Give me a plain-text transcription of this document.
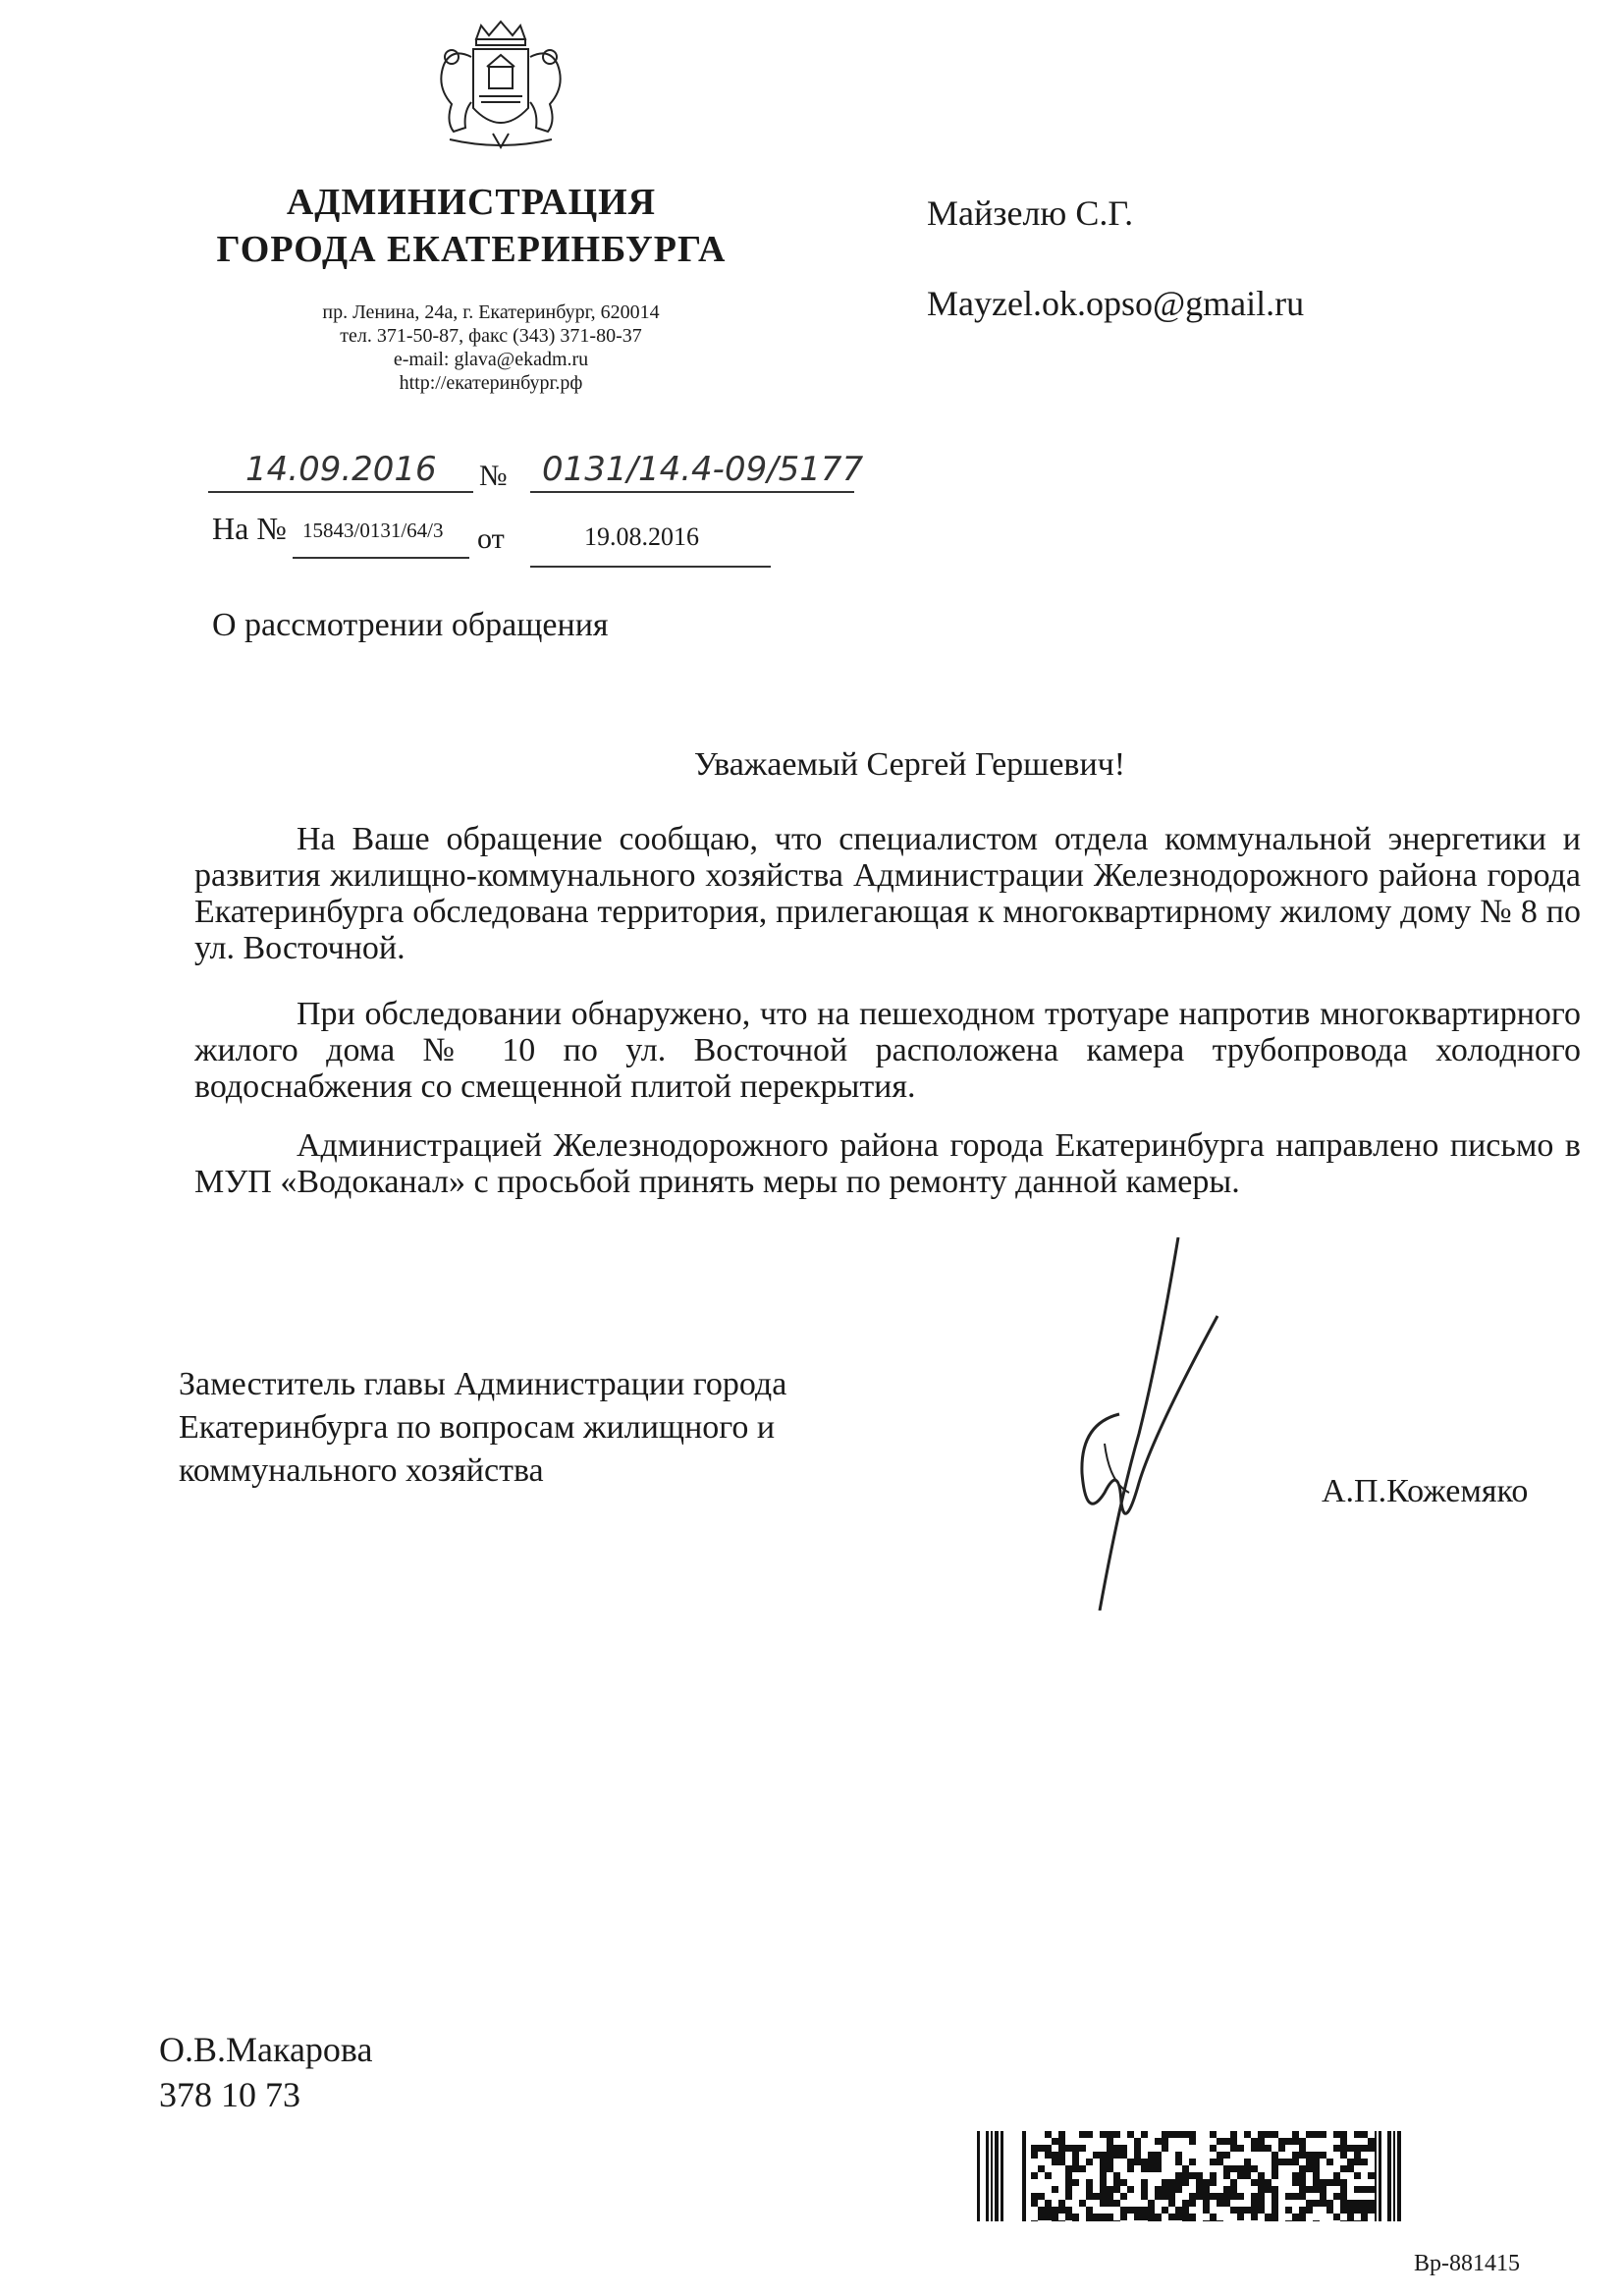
АДМИНИСТРАЦИЯ
ГОРОДА ЕКАТЕРИНБУРГА
пр. Ленина, 24а, г. Екатеринбург, 620014
тел. 371-50-87, факс (343) 371-80-37
e-mail: glava@ekadm.ru
http://екатеринбург.рф
Майзелю С.Г.
Mayzel.ok.opso@gmail.ru
14.09.2016 № 0131/14.4-09/5177
На № 15843/0131/64/3 от	19.08.2016
О рассмотрении обращения
Уважаемый Сергей Гершевич!
На Ваше обращение сообщаю, что специалистом отдела коммунальной энергетики и развития жилищно-коммунального хозяйства Администрации Железнодорожного района города Екатеринбурга обследована территория, прилегающая к многоквартирному жилому дому № 8 по ул. Восточной.
При обследовании обнаружено, что на пешеходном тротуаре напротив многоквартирного жилого дома № 10 по ул. Восточной расположена камера трубопровода холодного водоснабжения со смещенной плитой перекрытия.
Администрацией Железнодорожного района города Екатеринбурга направлено письмо в МУП «Водоканал» с просьбой принять меры по ремонту данной камеры.
Заместитель главы Администрации города
Екатеринбурга по вопросам жилищного и
коммунального хозяйства
А.П.Кожемяко
О.В.Макарова
378 10 73
Вр-881415
